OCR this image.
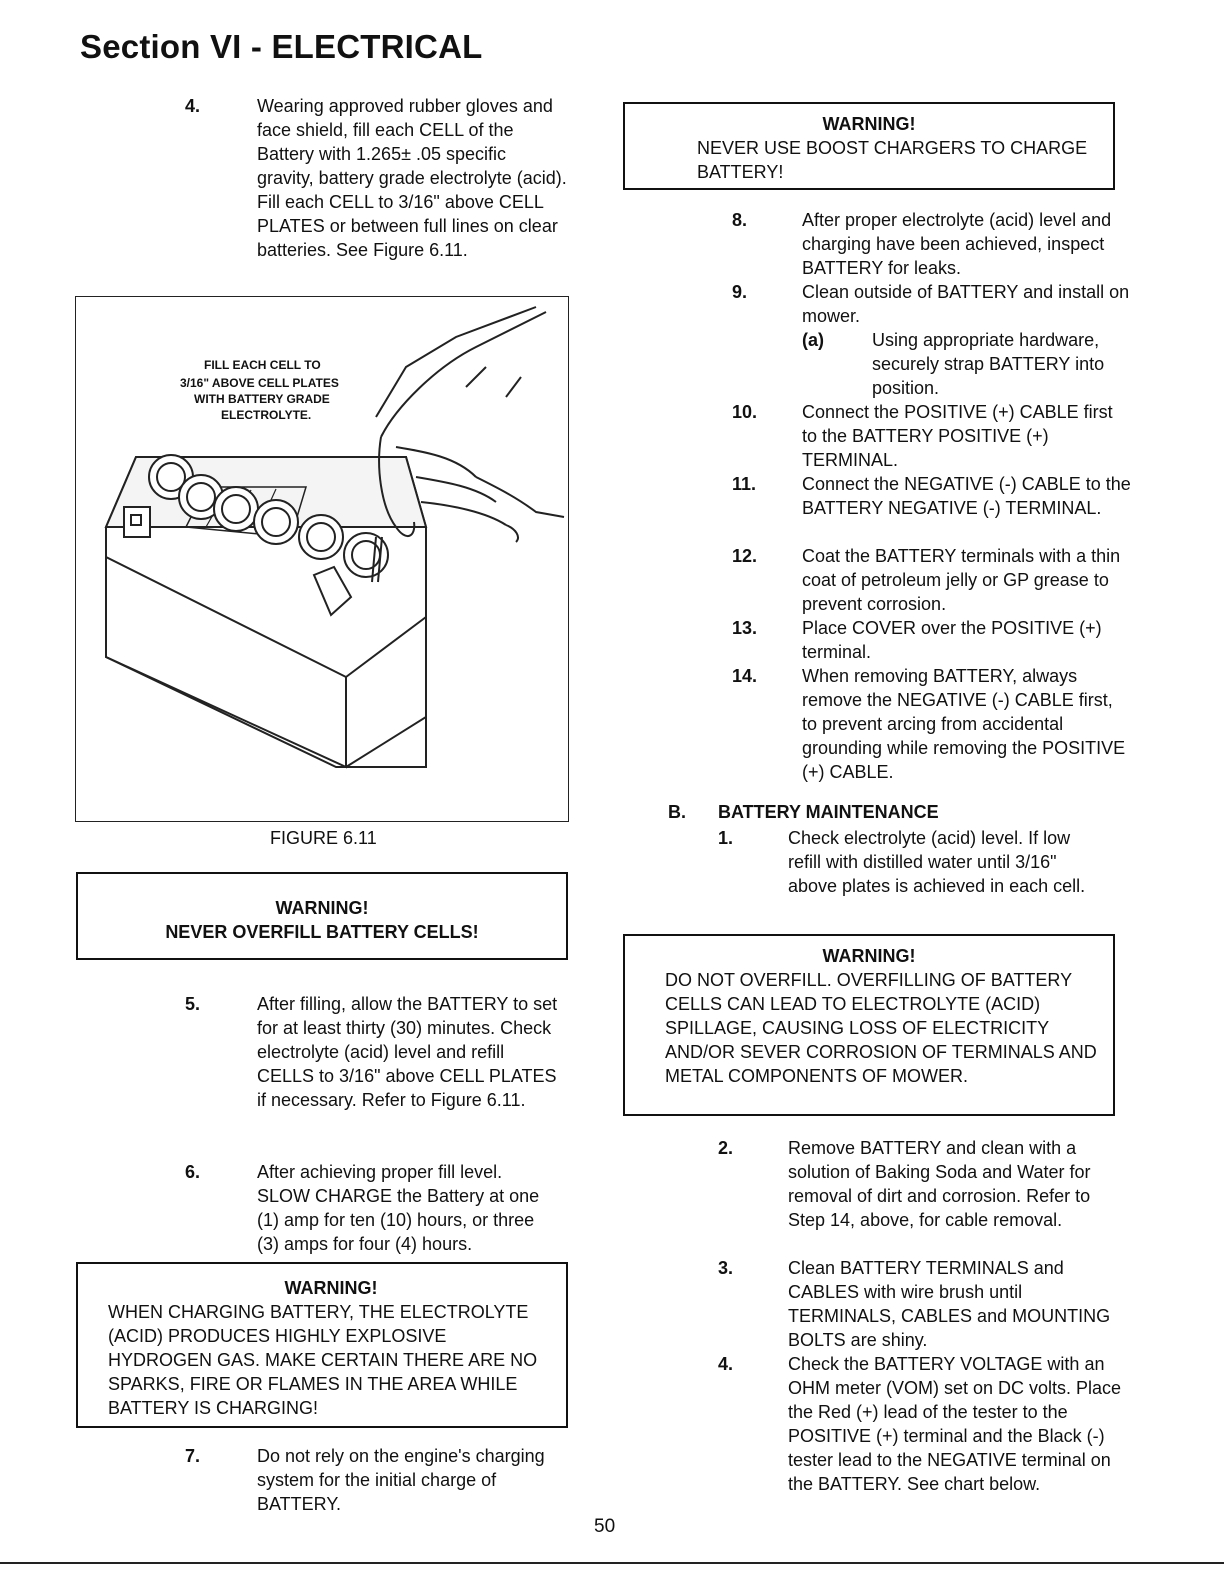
Section VI - ELECTRICAL
4.	Wearing approved rubber gloves and face shield, fill each CELL of the Battery with 1.265± .05 specific gravity, battery grade electrolyte (acid). Fill each CELL to 3/16" above CELL PLATES or between full lines on clear batteries. See Figure 6.11.
FILL EACH CELL TO
3/16" ABOVE CELL PLATES
WITH BATTERY GRADE
ELECTROLYTE.
FIGURE 6.11
WARNING!
NEVER OVERFILL BATTERY CELLS!
5.	After filling, allow the BATTERY to set for at least thirty (30) minutes. Check electrolyte (acid) level and refill CELLS to 3/16" above CELL PLATES if necessary. Refer to Figure 6.11.
6.	After achieving proper fill level. SLOW CHARGE the Battery at one (1) amp for ten (10) hours, or three (3) amps for four (4) hours.
WARNING!
WHEN CHARGING BATTERY, THE ELECTROLYTE (ACID) PRODUCES HIGHLY EXPLOSIVE HYDROGEN GAS. MAKE CERTAIN THERE ARE NO SPARKS, FIRE OR FLAMES IN THE AREA WHILE BATTERY IS CHARGING!
7.	Do not rely on the engine's charging system for the initial charge of BATTERY.
WARNING!
NEVER USE BOOST CHARGERS TO CHARGE BATTERY!
8.	After proper electrolyte (acid) level and charging have been achieved, inspect BATTERY for leaks.
9.	Clean outside of BATTERY and install on mower.
(a)	Using appropriate hardware, securely strap BATTERY into position.
10. Connect the POSITIVE (+) CABLE first to the BATTERY POSITIVE (+) TERMINAL.
11.	Connect the NEGATIVE (-) CABLE to the BATTERY NEGATIVE (-) TERMINAL.
12. Coat the BATTERY terminals with a thin coat of petroleum jelly or GP grease to prevent corrosion.
13. Place COVER over the POSITIVE (+) terminal.
14. When removing BATTERY, always remove the NEGATIVE (-) CABLE first, to prevent arcing from accidental grounding while removing the POSITIVE (+) CABLE.
B. BATTERY MAINTENANCE
1.	Check electrolyte (acid) level. If low refill with distilled water until 3/16" above plates is achieved in each cell.
WARNING!
DO NOT OVERFILL. OVERFILLING OF BATTERY CELLS CAN LEAD TO ELECTROLYTE (ACID) SPILLAGE, CAUSING LOSS OF ELECTRICITY AND/OR SEVER CORROSION OF TERMINALS AND METAL COMPONENTS OF MOWER.
2.	Remove BATTERY and clean with a solution of Baking Soda and Water for removal of dirt and corrosion. Refer to Step 14, above, for cable removal.
3.	Clean BATTERY TERMINALS and CABLES with wire brush until TERMINALS, CABLES and MOUNTING BOLTS are shiny.
4.	Check the BATTERY VOLTAGE with an OHM meter (VOM) set on DC volts. Place the Red (+) lead of the tester to the POSITIVE (+) terminal and the Black (-) tester lead to the NEGATIVE terminal on the BATTERY. See chart below.
50
